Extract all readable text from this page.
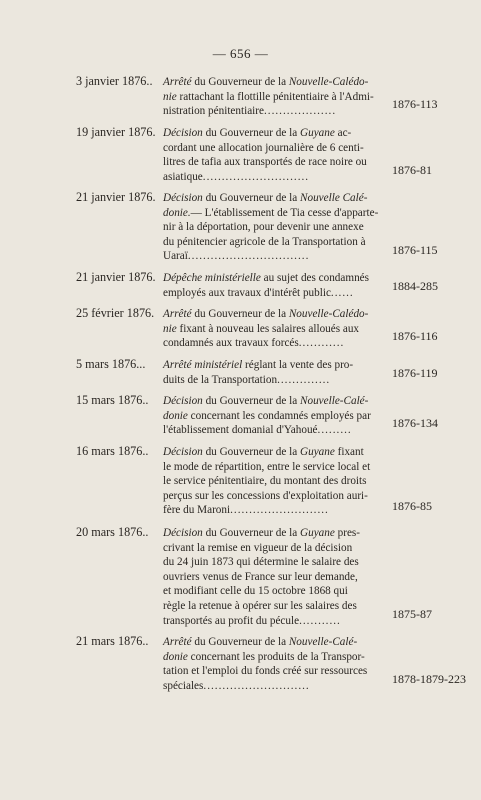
— 656 —
3 janvier 1876.. Arrêté du Gouverneur de la Nouvelle-Calédo-
nie rattachant la flottille pénitentiaire à l'Admi-
nistration pénitentiaire...................
1876-113
19 janvier 1876. Décision du Gouverneur de la Guyane ac-
cordant une allocation journalière de 6 centi-
litres de tafia aux transportés de race noire ou
asiatique............................	1876-81
21 janvier 1876. Décision du Gouverneur de la Nouvelle Calé-
donie.— L'établissement de Tia cesse d'apparte-
nir à la déportation, pour devenir une annexe
du pénitencier agricole de la Transportation à
Uaraï................................	1876-115
21 janvier 1876. Dépêche ministérielle au sujet des condamnés
employés aux travaux d'intérêt public......	1884-285
25 février 1876. Arrêté du Gouverneur de la Nouvelle-Calédo-
nie fixant à nouveau les salaires alloués aux
condamnés aux travaux forcés............
1876-116
5 mars 1876... Arrêté ministériel réglant la vente des pro-
duits de la Transportation..............	1876-119
15 mars 1876.. Décision du Gouverneur de la Nouvelle-Calé-
donie concernant les condamnés employés par
l'établissement domanial d'Yahoué.........
1876-134
16 mars 1876.. Décision du Gouverneur de la Guyane fixant
le mode de répartition, entre le service local et
le service pénitentiaire, du montant des droits
perçus sur les concessions d'exploitation auri-
fère du Maroni..........................	1876-85
20 mars 1876.. Décision du Gouverneur de la Guyane pres-
crivant la remise en vigueur de la décision
du 24 juin 1873 qui détermine le salaire des
ouvriers venus de France sur leur demande,
et modifiant celle du 15 octobre 1868 qui
règle la retenue à opérer sur les salaires des
transportés au profit du pécule...........	1875-87
21 mars 1876.. Arrêté du Gouverneur de la Nouvelle-Calé-
donie concernant les produits de la Transpor-
tation et l'emploi du fonds créé sur ressources
spéciales............................	1878-1879-223
